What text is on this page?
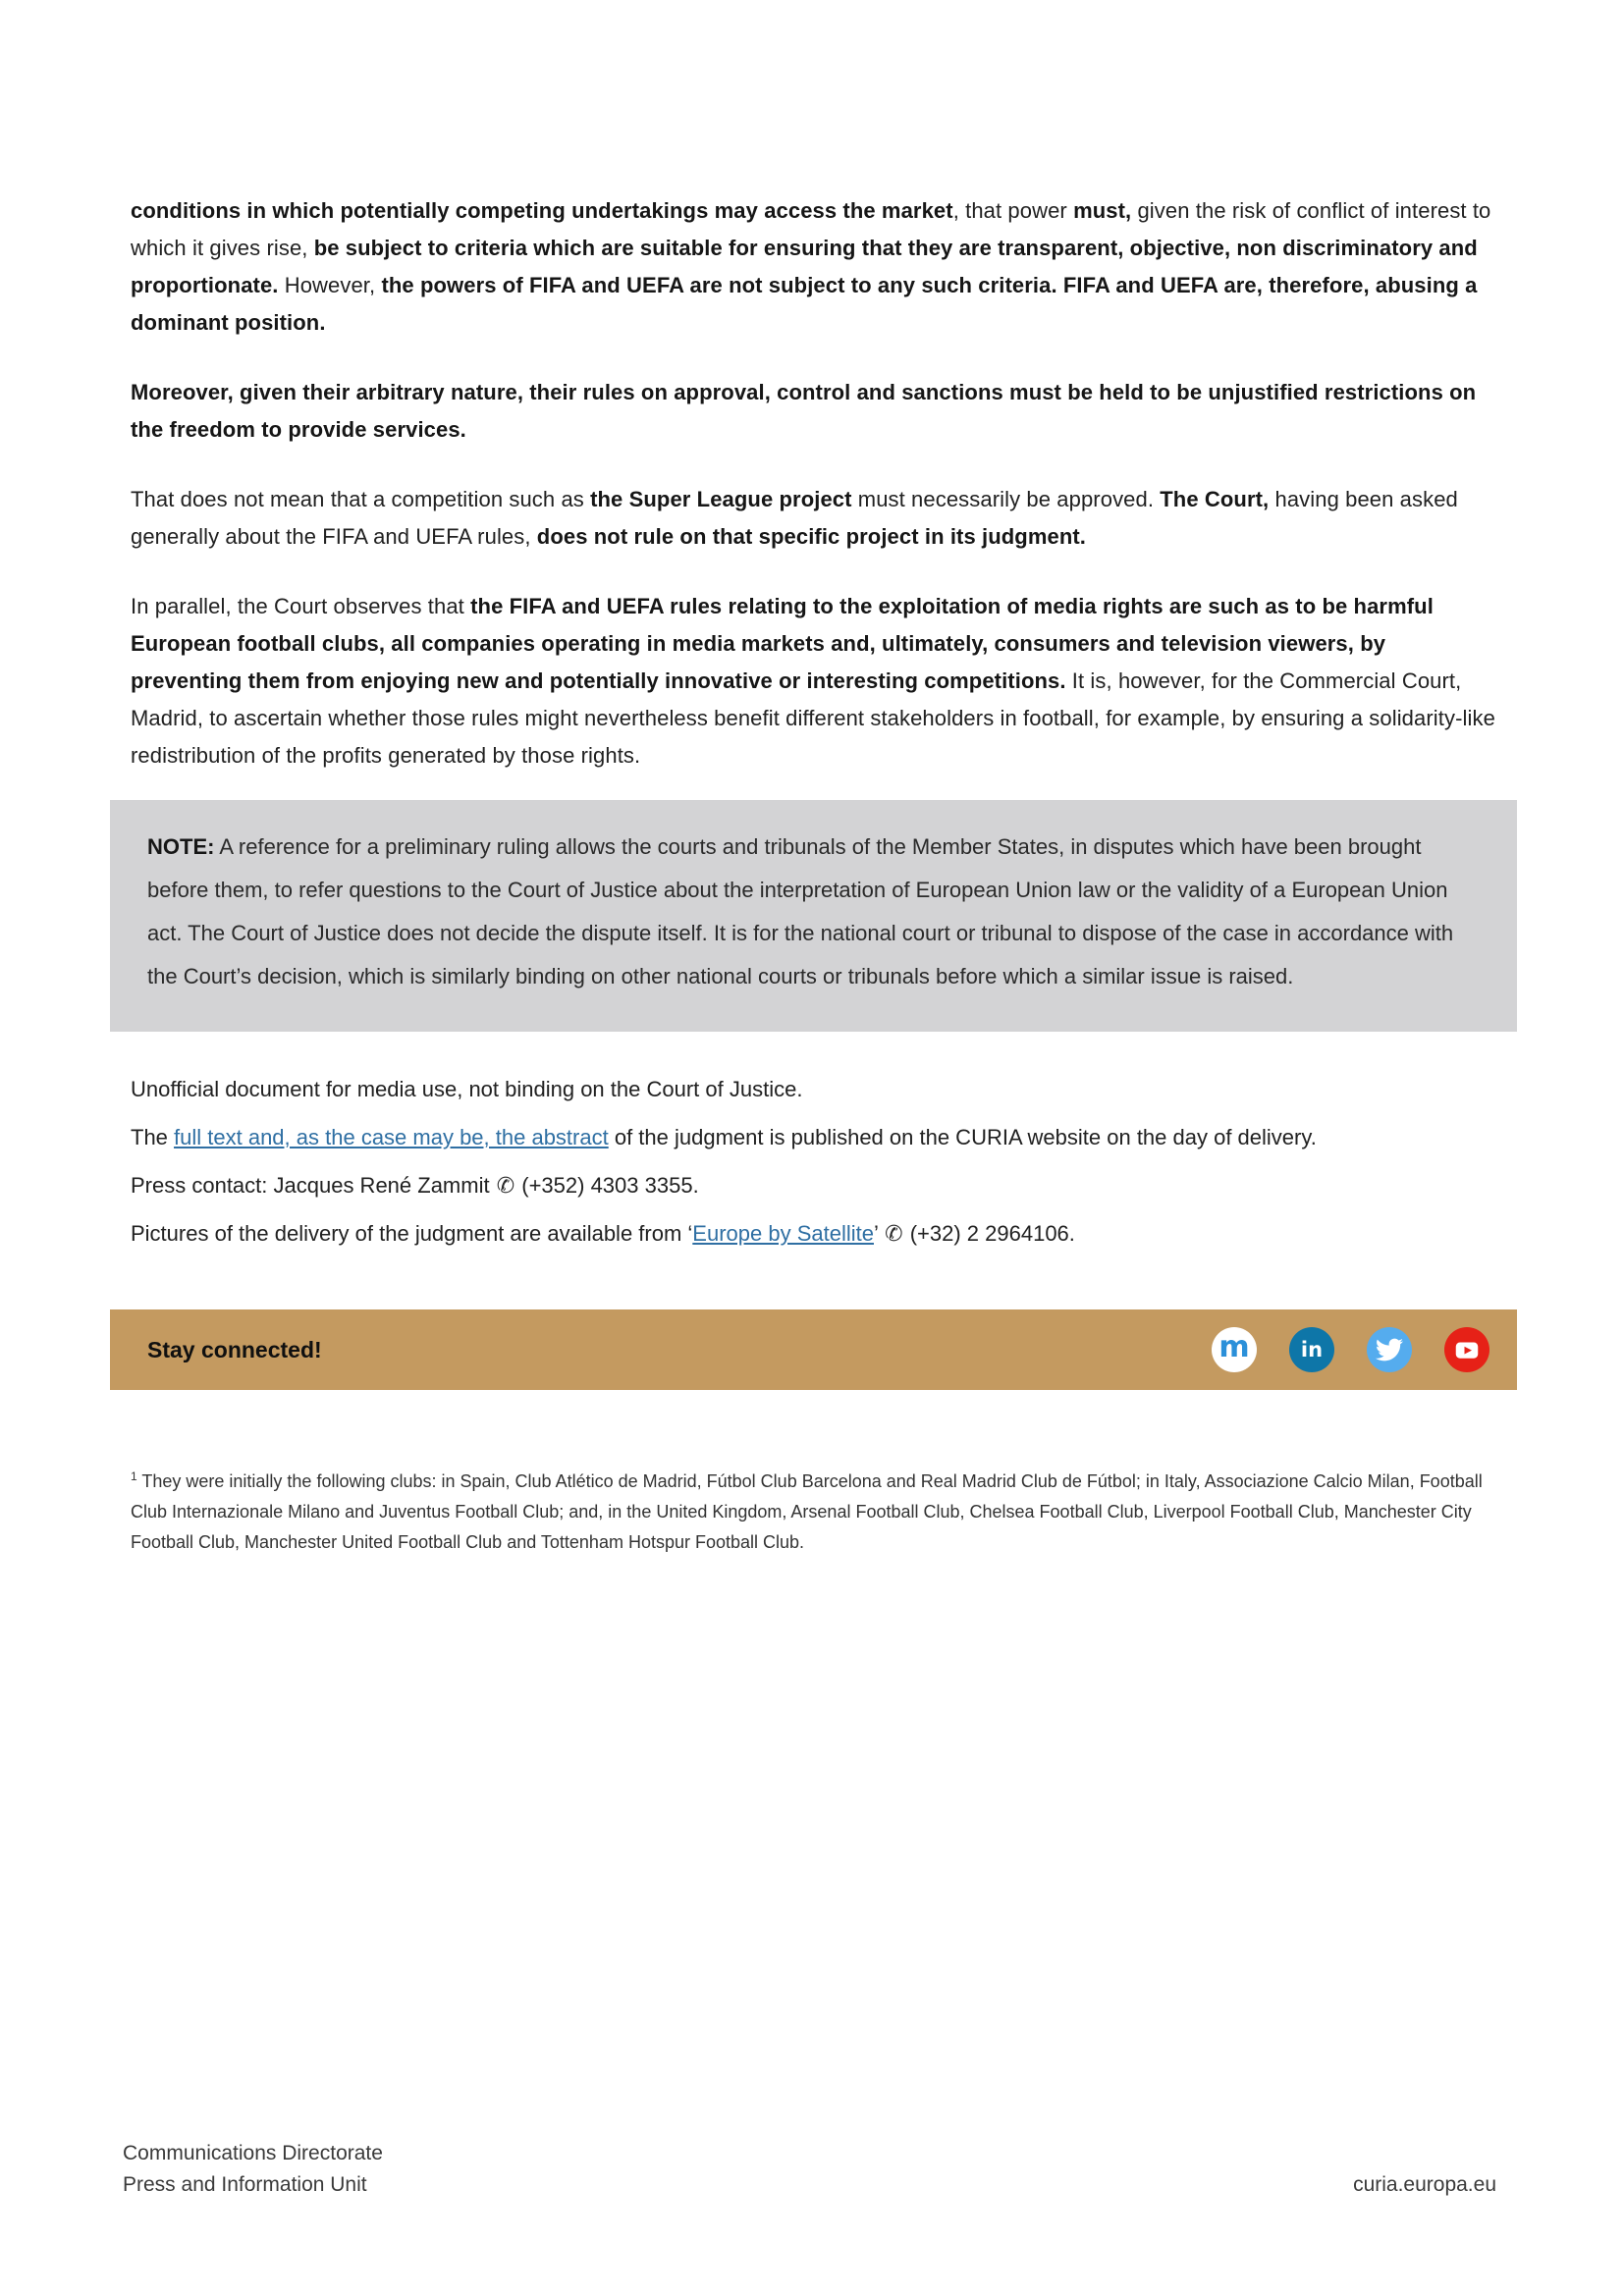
conditions in which potentially competing undertakings may access the market, that power must, given the risk of conflict of interest to which it gives rise, be subject to criteria which are suitable for ensuring that they are transparent, objective, non discriminatory and proportionate. However, the powers of FIFA and UEFA are not subject to any such criteria. FIFA and UEFA are, therefore, abusing a dominant position.

Moreover, given their arbitrary nature, their rules on approval, control and sanctions must be held to be unjustified restrictions on the freedom to provide services.

That does not mean that a competition such as the Super League project must necessarily be approved. The Court, having been asked generally about the FIFA and UEFA rules, does not rule on that specific project in its judgment.

In parallel, the Court observes that the FIFA and UEFA rules relating to the exploitation of media rights are such as to be harmful European football clubs, all companies operating in media markets and, ultimately, consumers and television viewers, by preventing them from enjoying new and potentially innovative or interesting competitions. It is, however, for the Commercial Court, Madrid, to ascertain whether those rules might nevertheless benefit different stakeholders in football, for example, by ensuring a solidarity-like redistribution of the profits generated by those rights.

NOTE: A reference for a preliminary ruling allows the courts and tribunals of the Member States, in disputes which have been brought before them, to refer questions to the Court of Justice about the interpretation of European Union law or the validity of a European Union act. The Court of Justice does not decide the dispute itself. It is for the national court or tribunal to dispose of the case in accordance with the Court’s decision, which is similarly binding on other national courts or tribunals before which a similar issue is raised.

Unofficial document for media use, not binding on the Court of Justice.

The full text and, as the case may be, the abstract of the judgment is published on the CURIA website on the day of delivery.

Press contact: Jacques René Zammit ✆ (+352) 4303 3355.

Pictures of the delivery of the judgment are available from ‘Europe by Satellite’ ✆ (+32) 2 2964106.

Stay connected!	m in
$^1$ They were initially the following clubs: in Spain, Club Atlético de Madrid, Fútbol Club Barcelona and Real Madrid Club de Fútbol; in Italy, Associazione Calcio Milan, Football Club Internazionale Milano and Juventus Football Club; and, in the United Kingdom, Arsenal Football Club, Chelsea Football Club, Liverpool Football Club, Manchester City Football Club, Manchester United Football Club and Tottenham Hotspur Football Club.
Communications Directorate
Press and Information Unit	curia.europa.eu
